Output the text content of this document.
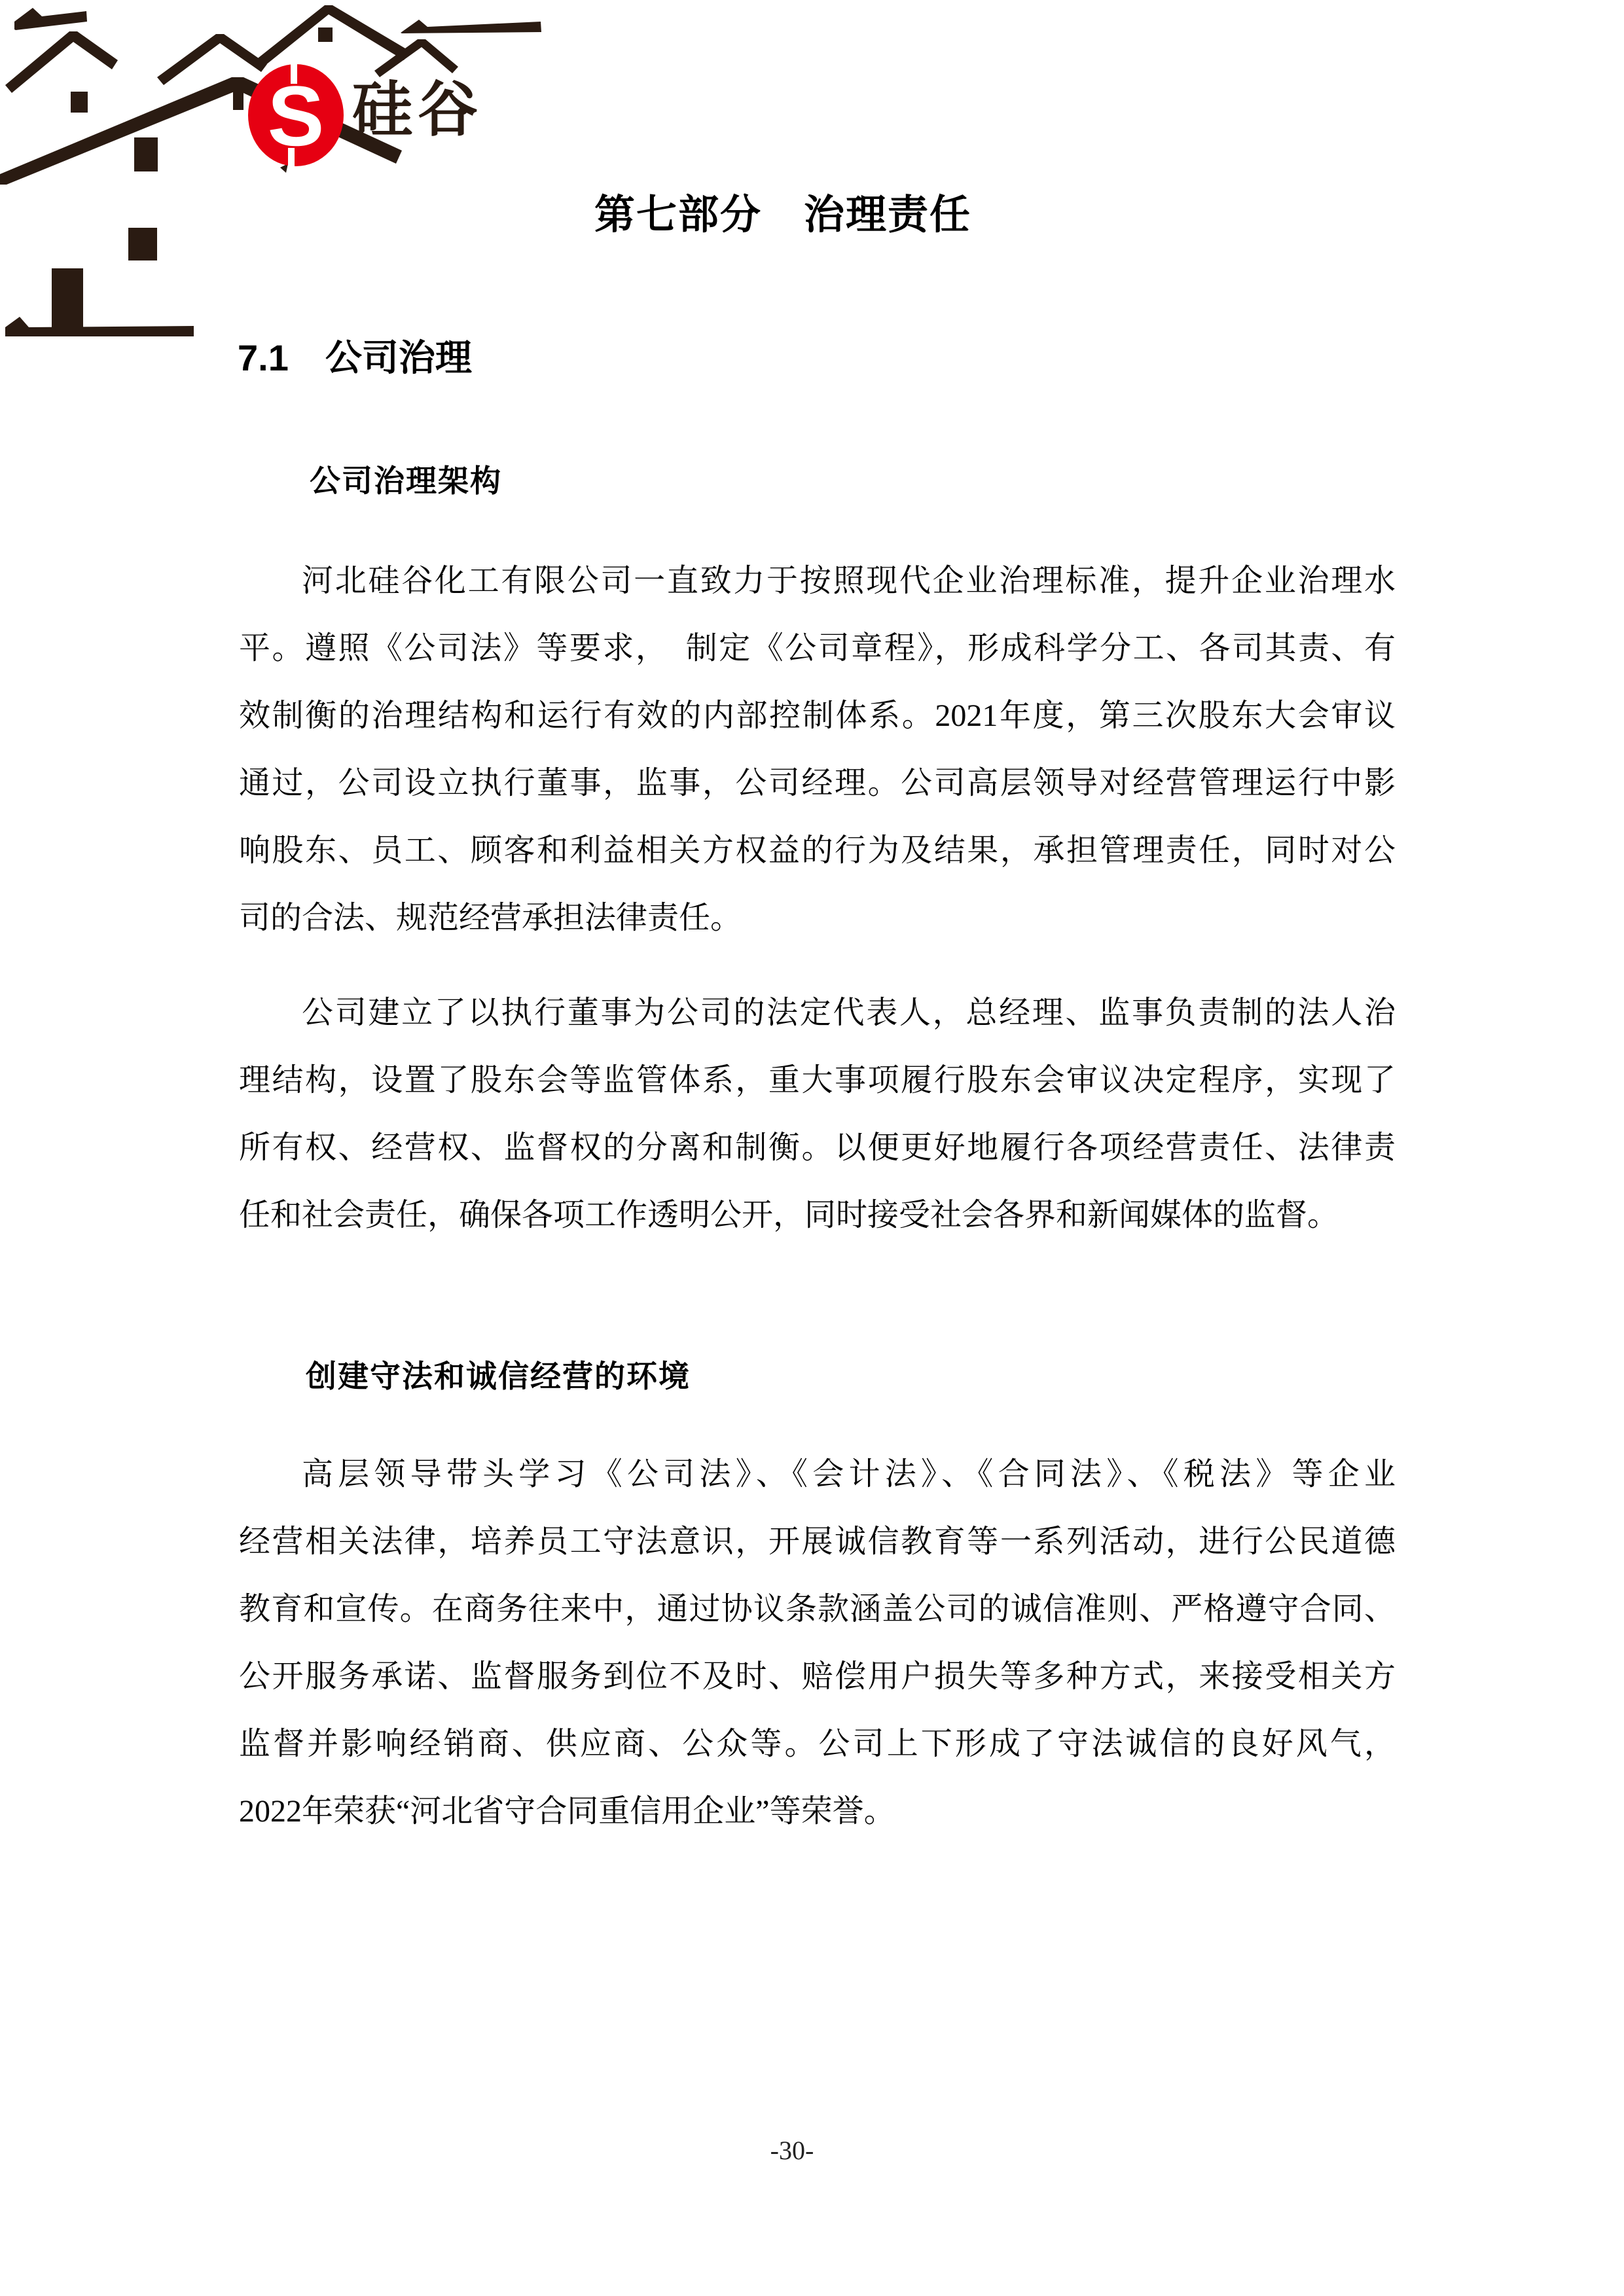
S 硅谷
第七部分　治理责任
7.1　公司治理
公司治理架构
河北硅谷化工有限公司一直致力于按照现代企业治理标准，提升企业治理水
平。遵照《公司法》等要求，　制定《公司章程》，形成科学分工、各司其责、有
效制衡的治理结构和运行有效的内部控制体系。2021年度，第三次股东大会审议
通过，公司设立执行董事，监事，公司经理。公司高层领导对经营管理运行中影
响股东、员工、顾客和利益相关方权益的行为及结果，承担管理责任，同时对公
司的合法、规范经营承担法律责任。
公司建立了以执行董事为公司的法定代表人，总经理、监事负责制的法人治
理结构，设置了股东会等监管体系，重大事项履行股东会审议决定程序，实现了
所有权、经营权、监督权的分离和制衡。以便更好地履行各项经营责任、法律责
任和社会责任，确保各项工作透明公开，同时接受社会各界和新闻媒体的监督。
创建守法和诚信经营的环境
高层领导带头学习《公司法》、《会计法》、《合同法》、《税法》等企业
经营相关法律，培养员工守法意识，开展诚信教育等一系列活动，进行公民道德
教育和宣传。在商务往来中，通过协议条款涵盖公司的诚信准则、严格遵守合同、
公开服务承诺、监督服务到位不及时、赔偿用户损失等多种方式，来接受相关方
监督并影响经销商、供应商、公众等。公司上下形成了守法诚信的良好风气，
2022年荣获“河北省守合同重信用企业”等荣誉。
-30-
